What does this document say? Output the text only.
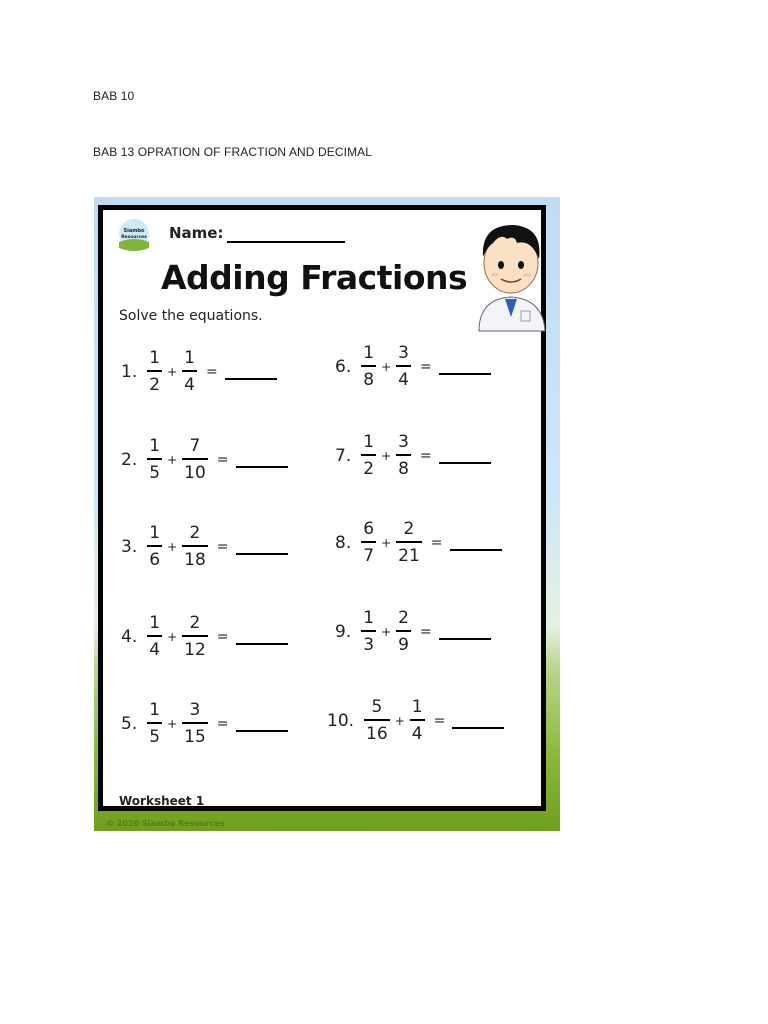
BAB 10
BAB 13 OPRATION OF FRACTION AND DECIMAL
Siambo
Resources Name:
Adding Fractions
Solve the equations.
1. $\frac{1}{2} + \frac{1}{4}$ =
2. $\frac{1}{5} + \frac{7}{10}$ =
3. $\frac{1}{6} + \frac{2}{18}$ =
4. $\frac{1}{4} + \frac{2}{12}$ =
5. $\frac{1}{5} + \frac{3}{15}$ =
6. $\frac{1}{8} + \frac{3}{4}$ =
7. $\frac{1}{2} + \frac{3}{8}$ =
8. $\frac{6}{7} + \frac{2}{21}$ =
9. $\frac{1}{3} + \frac{2}{9}$ =
10. $\frac{5}{16} + \frac{1}{4}$ =
Worksheet 1
© 2020 Siambo Resources
